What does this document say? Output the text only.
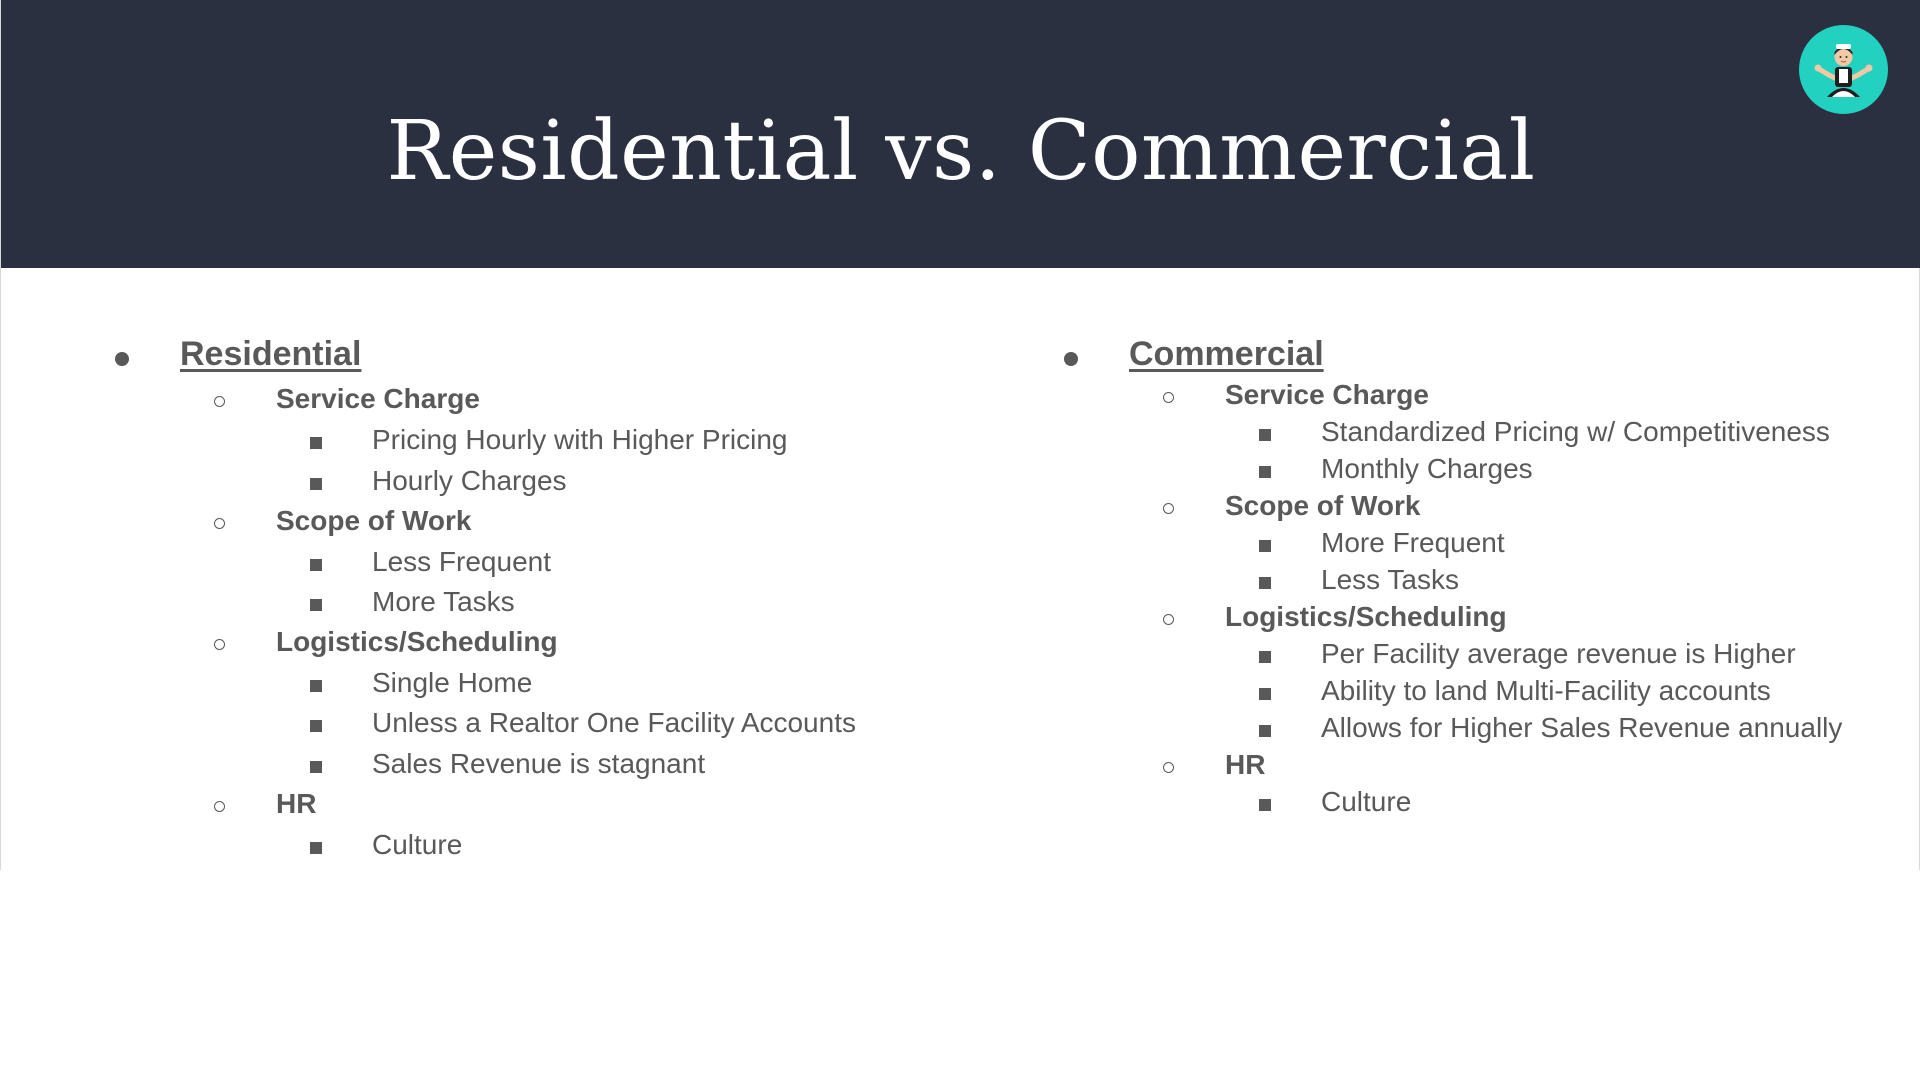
Residential vs. Commercial
Residential
Service Charge
Pricing Hourly with Higher Pricing
Hourly Charges
Scope of Work
Less Frequent
More Tasks
Logistics/Scheduling
Single Home
Unless a Realtor One Facility Accounts
Sales Revenue is stagnant
HR
Culture
Commercial
Service Charge
Standardized Pricing w/ Competitiveness
Monthly Charges
Scope of Work
More Frequent
Less Tasks
Logistics/Scheduling
Per Facility average revenue is Higher
Ability to land Multi-Facility accounts
Allows for Higher Sales Revenue annually
HR
Culture
